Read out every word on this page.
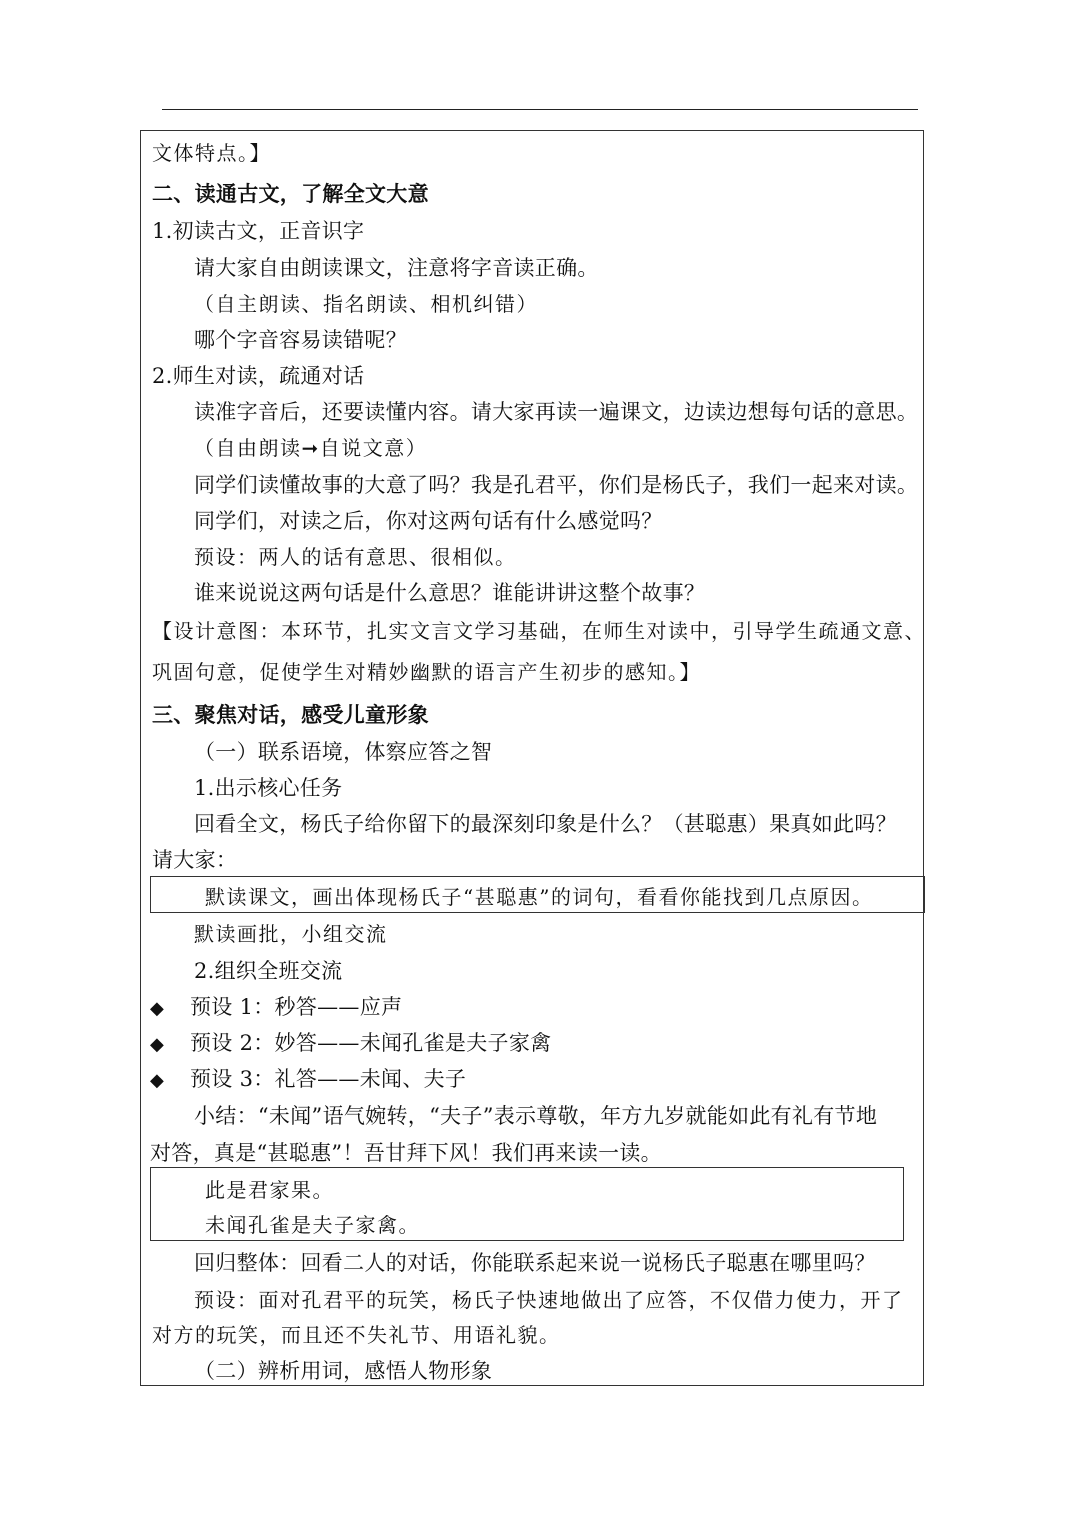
文体特点。】
二、读通古文，了解全文大意
1.初读古文，正音识字
请大家自由朗读课文，注意将字音读正确。
（自主朗读、指名朗读、相机纠错）
哪个字音容易读错呢？
2.师生对读，疏通对话
读准字音后，还要读懂内容。请大家再读一遍课文，边读边想每句话的意思。
（自由朗读➞自说文意）
同学们读懂故事的大意了吗？我是孔君平，你们是杨氏子，我们一起来对读。
同学们，对读之后，你对这两句话有什么感觉吗？
预设：两人的话有意思、很相似。
谁来说说这两句话是什么意思？谁能讲讲这整个故事？
【设计意图：本环节，扎实文言文学习基础，在师生对读中，引导学生疏通文意、
巩固句意，促使学生对精妙幽默的语言产生初步的感知。】
三、聚焦对话，感受儿童形象
（一）联系语境，体察应答之智
1.出示核心任务
回看全文，杨氏子给你留下的最深刻印象是什么？（甚聪惠）果真如此吗？
请大家：
默读课文，画出体现杨氏子“甚聪惠”的词句，看看你能找到几点原因。
默读画批，小组交流
2.组织全班交流
◆ 预设 1：秒答——应声
◆ 预设 2：妙答——未闻孔雀是夫子家禽
◆ 预设 3：礼答——未闻、夫子
小结：“未闻”语气婉转，“夫子”表示尊敬，年方九岁就能如此有礼有节地
对答，真是“甚聪惠”！吾甘拜下风！我们再来读一读。
此是君家果。
未闻孔雀是夫子家禽。
回归整体：回看二人的对话，你能联系起来说一说杨氏子聪惠在哪里吗？
预设：面对孔君平的玩笑，杨氏子快速地做出了应答，不仅借力使力，开了
对方的玩笑，而且还不失礼节、用语礼貌。
（二）辨析用词，感悟人物形象
